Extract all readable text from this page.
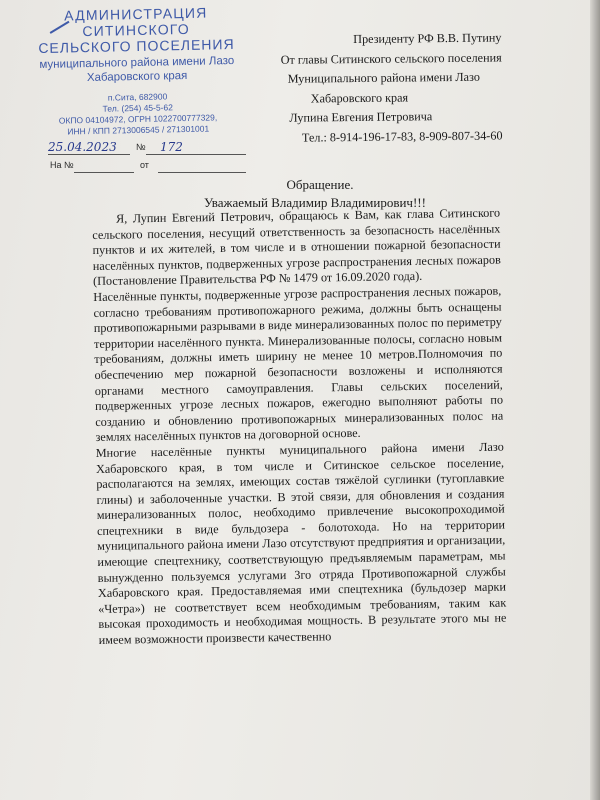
АДМИНИСТРАЦИЯ
СИТИНСКОГО
СЕЛЬСКОГО ПОСЕЛЕНИЯ
муниципального района имени Лазо
Хабаровского края
п.Сита, 682900
Тел. (254) 45-5-62
ОКПО 04104972, ОГРН 1022700777329,
ИНН / КПП 2713006545 / 271301001
25.04.2023 № 172
На №	от
Президенту РФ В.В. Путину
От главы Ситинского сельского поселения
Муниципального района имени Лазо
Хабаровского края
Лупина Евгения Петровича
Тел.: 8-914-196-17-83, 8-909-807-34-60
Обращение.
Уважаемый Владимир Владимирович!!!

Я, Лупин Евгений Петрович, обращаюсь к Вам, как глава Ситинского сельского поселения, несущий ответственность за безопасность населённых пунктов и их жителей, в том числе и в отношении пожарной безопасности населённых пунктов, подверженных угрозе распространения лесных пожаров (Постановление Правительства РФ № 1479 от 16.09.2020 года).

Населённые пункты, подверженные угрозе распространения лесных пожаров, согласно требованиям противопожарного режима, должны быть оснащены противопожарными разрывами в виде минерализованных полос по периметру территории населённого пункта. Минерализованные полосы, согласно новым требованиям, должны иметь ширину не менее 10 метров.Полномочия по обеспечению мер пожарной безопасности возложены и исполняются органами местного самоуправления. Главы сельских поселений, подверженных угрозе лесных пожаров, ежегодно выполняют работы по созданию и обновлению противопожарных минерализованных полос на землях населённых пунктов на договорной основе.

Многие населённые пункты муниципального района имени Лазо Хабаровского края, в том числе и Ситинское сельское поселение, располагаются на землях, имеющих состав тяжёлой суглинки (тугоплавкие глины) и заболоченные участки. В этой связи, для обновления и создания минерализованных полос, необходимо привлечение высокопроходимой спецтехники в виде бульдозера - болотохода. Но на территории муниципального района имени Лазо отсутствуют предприятия и организации, имеющие спецтехнику, соответствующую предъявляемым параметрам, мы вынужденно пользуемся услугами 3го отряда Противопожарной службы Хабаровского края. Предоставляемая ими спецтехника (бульдозер марки «Четра») не соответствует всем необходимым требованиям, таким как высокая проходимость и необходимая мощность. В результате этого мы не имеем возможности произвести качественно
